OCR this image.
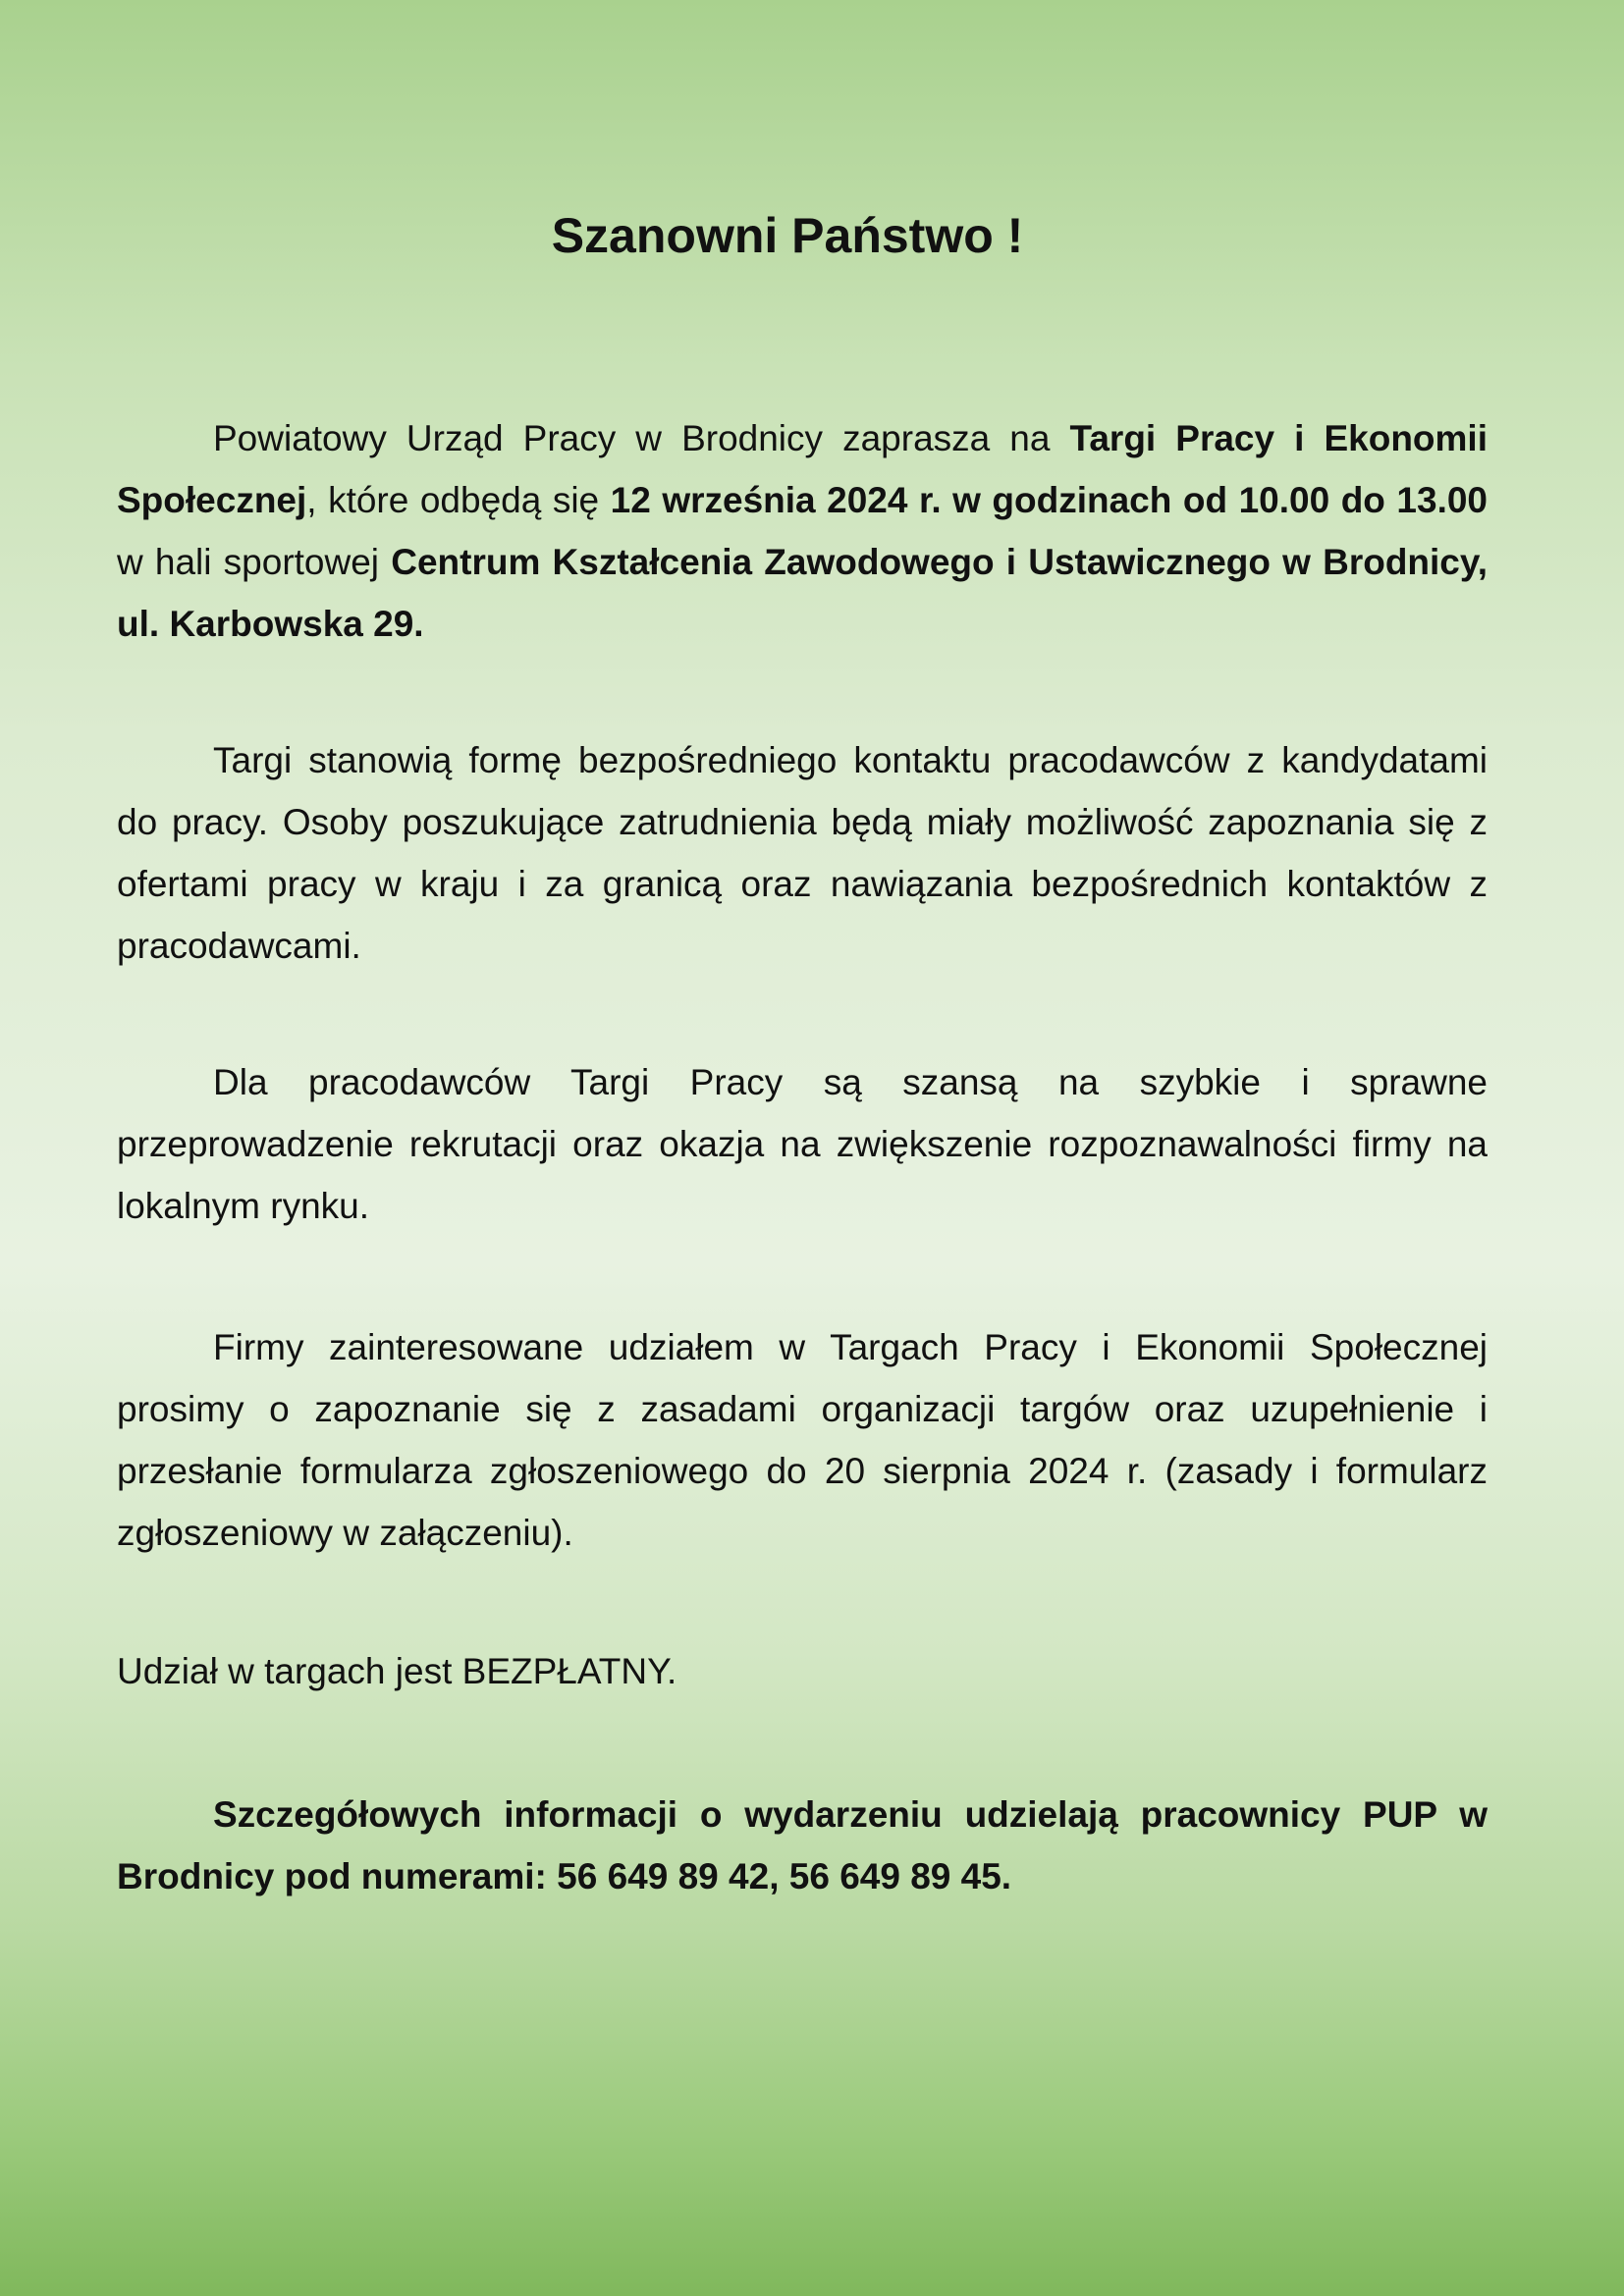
Szanowni Państwo !

Powiatowy Urząd Pracy w Brodnicy zaprasza na Targi Pracy i Ekonomii Społecznej, które odbędą się 12 września 2024 r. w godzinach od 10.00 do 13.00 w hali sportowej Centrum Kształcenia Zawodowego i Ustawicznego w Brodnicy, ul. Karbowska 29.

Targi stanowią formę bezpośredniego kontaktu pracodawców z kandydatami do pracy. Osoby poszukujące zatrudnienia będą miały możliwość zapoznania się z ofertami pracy w kraju i za granicą oraz nawiązania bezpośrednich kontaktów z pracodawcami.

Dla pracodawców Targi Pracy są szansą na szybkie i sprawne przeprowadzenie rekrutacji oraz okazja na zwiększenie rozpoznawalności firmy na lokalnym rynku.

Firmy zainteresowane udziałem w Targach Pracy i Ekonomii Społecznej prosimy o zapoznanie się z zasadami organizacji targów oraz uzupełnienie i przesłanie formularza zgłoszeniowego do 20 sierpnia 2024 r. (zasady i formularz zgłoszeniowy w załączeniu).

Udział w targach jest BEZPŁATNY.

Szczegółowych informacji o wydarzeniu udzielają pracownicy PUP w Brodnicy pod numerami: 56 649 89 42, 56 649 89 45.
